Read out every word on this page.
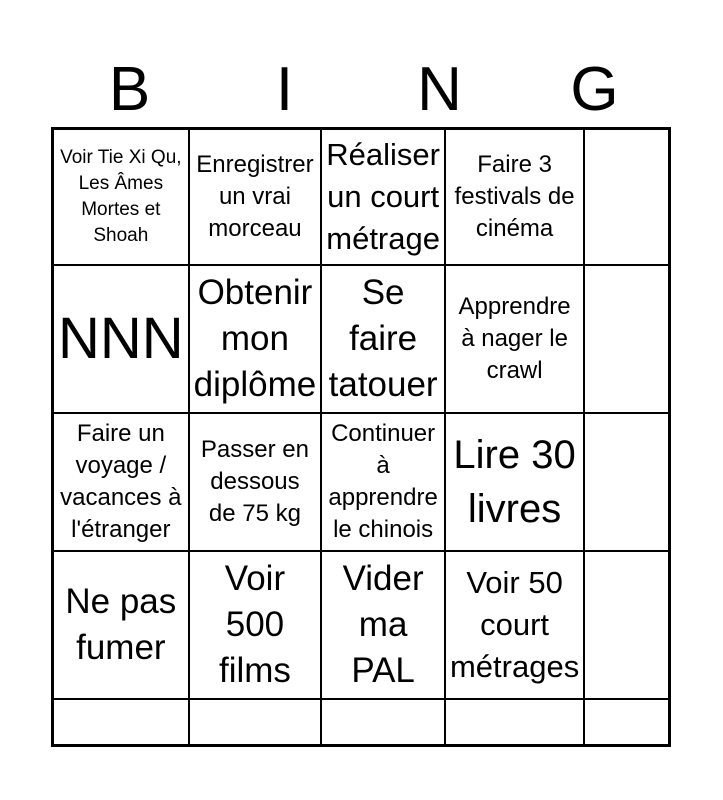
B	I	N	G
Voir Tie Xi Qu, Les Âmes Mortes et Shoah
Enregistrer un vrai morceau
Réaliser un court métrage
Faire 3 festivals de cinéma
NNN
Obtenir mon diplôme
Se faire tatouer
Apprendre à nager le crawl
Faire un voyage / vacances à l'étranger
Passer en dessous de 75 kg
Continuer à apprendre le chinois
Lire 30 livres
Ne pas fumer
Voir 500 films
Vider ma PAL
Voir 50 court métrages
